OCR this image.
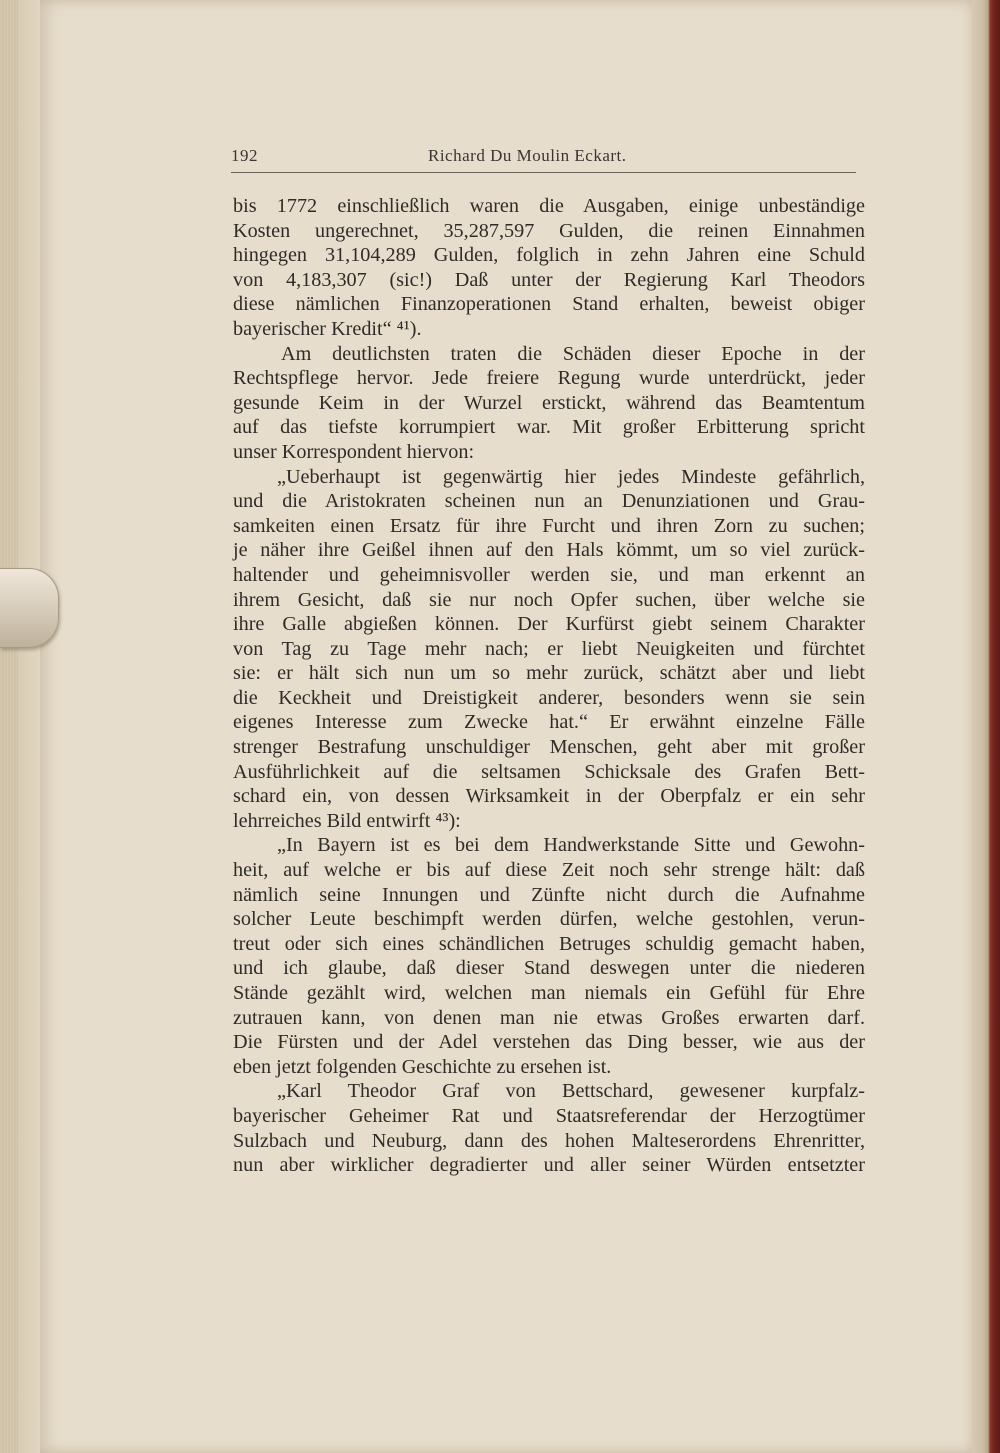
192	Richard Du Moulin Eckart.
bis 1772 einschließlich waren die Ausgaben, einige unbeständige
Kosten ungerechnet, 35,287,597 Gulden, die reinen Einnahmen
hingegen 31,104,289 Gulden, folglich in zehn Jahren eine Schuld
von 4,183,307 (sic!) Daß unter der Regierung Karl Theodors
diese nämlichen Finanzoperationen Stand erhalten, beweist obiger
bayerischer Kredit“ ⁴¹).
Am deutlichsten traten die Schäden dieser Epoche in der
Rechtspflege hervor. Jede freiere Regung wurde unterdrückt, jeder
gesunde Keim in der Wurzel erstickt, während das Beamtentum
auf das tiefste korrumpiert war. Mit großer Erbitterung spricht
unser Korrespondent hiervon:
„Ueberhaupt ist gegenwärtig hier jedes Mindeste gefährlich,
und die Aristokraten scheinen nun an Denunziationen und Grau-
samkeiten einen Ersatz für ihre Furcht und ihren Zorn zu suchen;
je näher ihre Geißel ihnen auf den Hals kömmt, um so viel zurück-
haltender und geheimnisvoller werden sie, und man erkennt an
ihrem Gesicht, daß sie nur noch Opfer suchen, über welche sie
ihre Galle abgießen können. Der Kurfürst giebt seinem Charakter
von Tag zu Tage mehr nach; er liebt Neuigkeiten und fürchtet
sie: er hält sich nun um so mehr zurück, schätzt aber und liebt
die Keckheit und Dreistigkeit anderer, besonders wenn sie sein
eigenes Interesse zum Zwecke hat.“ Er erwähnt einzelne Fälle
strenger Bestrafung unschuldiger Menschen, geht aber mit großer
Ausführlichkeit auf die seltsamen Schicksale des Grafen Bett-
schard ein, von dessen Wirksamkeit in der Oberpfalz er ein sehr
lehrreiches Bild entwirft ⁴³):
„In Bayern ist es bei dem Handwerkstande Sitte und Gewohn-
heit, auf welche er bis auf diese Zeit noch sehr strenge hält: daß
nämlich seine Innungen und Zünfte nicht durch die Aufnahme
solcher Leute beschimpft werden dürfen, welche gestohlen, verun-
treut oder sich eines schändlichen Betruges schuldig gemacht haben,
und ich glaube, daß dieser Stand deswegen unter die niederen
Stände gezählt wird, welchen man niemals ein Gefühl für Ehre
zutrauen kann, von denen man nie etwas Großes erwarten darf.
Die Fürsten und der Adel verstehen das Ding besser, wie aus der
eben jetzt folgenden Geschichte zu ersehen ist.
„Karl Theodor Graf von Bettschard, gewesener kurpfalz-
bayerischer Geheimer Rat und Staatsreferendar der Herzogtümer
Sulzbach und Neuburg, dann des hohen Malteserordens Ehrenritter,
nun aber wirklicher degradierter und aller seiner Würden entsetzter
